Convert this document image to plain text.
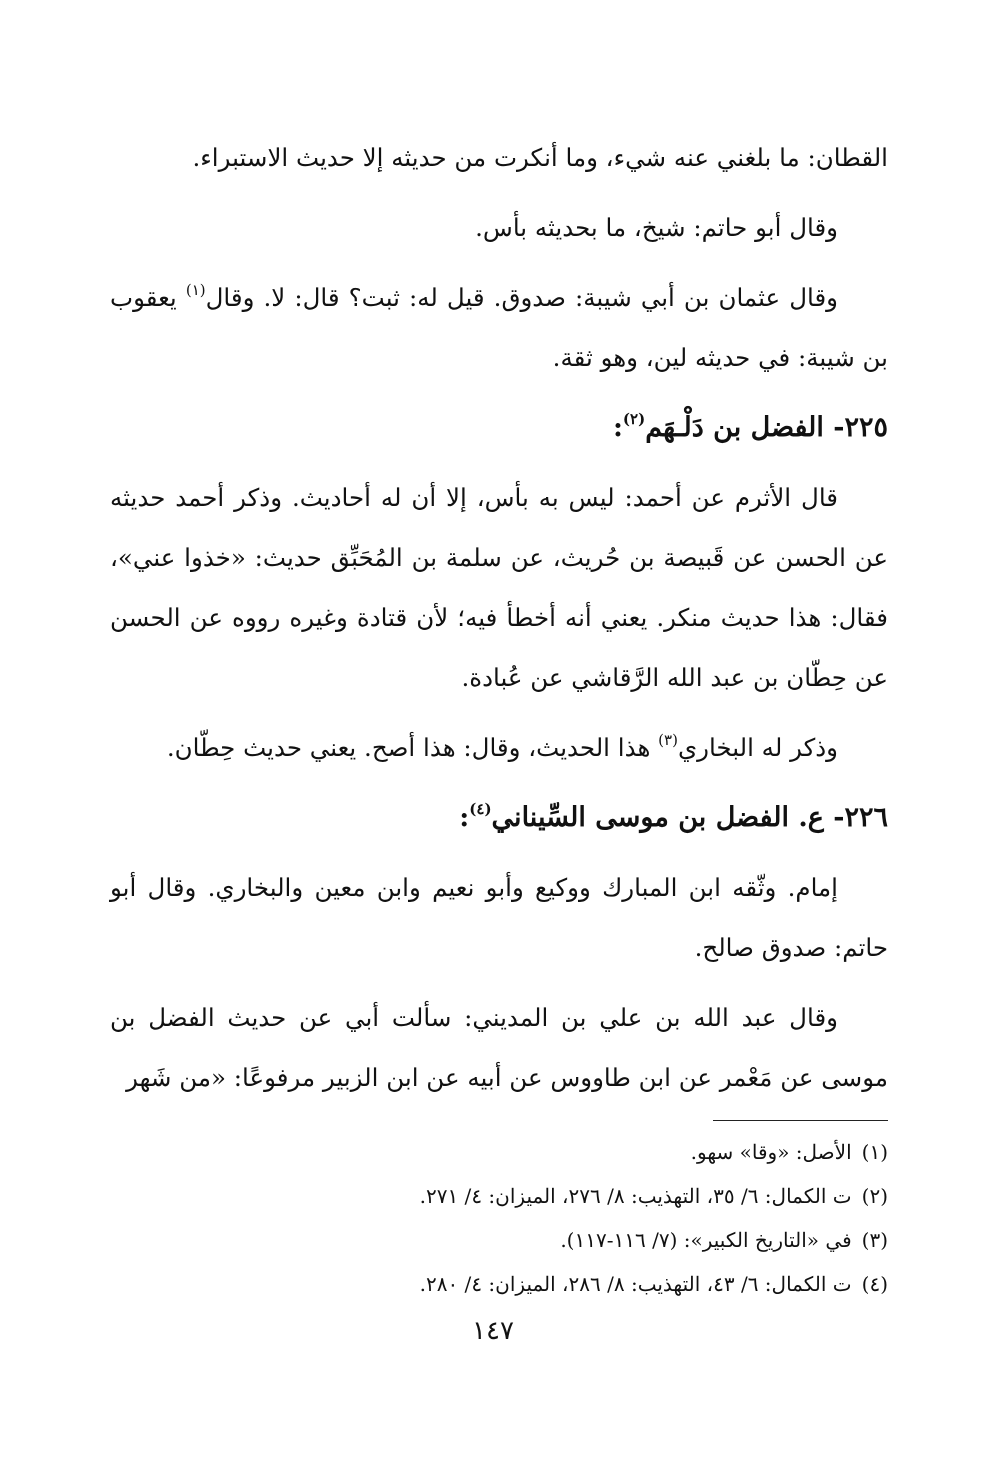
القطان: ما بلغني عنه شيء، وما أنكرت من حديثه إلا حديث الاستبراء.

وقال أبو حاتم: شيخ، ما بحديثه بأس.

وقال عثمان بن أبي شيبة: صدوق. قيل له: ثبت؟ قال: لا. وقال$^{(١)}$ يعقوب بن شيبة: في حديثه لين، وهو ثقة.

٢٢٥- الفضل بن دَلْـهَم$^{(٢)}$:

قال الأثرم عن أحمد: ليس به بأس، إلا أن له أحاديث. وذكر أحمد حديثه عن الحسن عن قَبيصة بن حُريث، عن سلمة بن المُحَبِّق حديث: «خذوا عني»، فقال: هذا حديث منكر. يعني أنه أخطأ فيه؛ لأن قتادة وغيره رووه عن الحسن عن حِطّان بن عبد الله الرَّقاشي عن عُبادة.

وذكر له البخاري$^{(٣)}$ هذا الحديث، وقال: هذا أصح. يعني حديث حِطّان.

٢٢٦- ع. الفضل بن موسى السِّيناني$^{(٤)}$:

إمام. وثّقه ابن المبارك ووكيع وأبو نعيم وابن معين والبخاري. وقال أبو حاتم: صدوق صالح.

وقال عبد الله بن علي بن المديني: سألت أبي عن حديث الفضل بن موسى عن مَعْمر عن ابن طاووس عن أبيه عن ابن الزبير مرفوعًا: «من شَهر

(١)الأصل: «وقا» سهو.

(٢)ت الكمال: ٦/ ٣٥، التهذيب: ٨/ ٢٧٦، الميزان: ٤/ ٢٧١.

(٣)في «التاريخ الكبير»: (٧/ ١١٦-١١٧).

(٤)ت الكمال: ٦/ ٤٣، التهذيب: ٨/ ٢٨٦، الميزان: ٤/ ٢٨٠.

١٤٧
